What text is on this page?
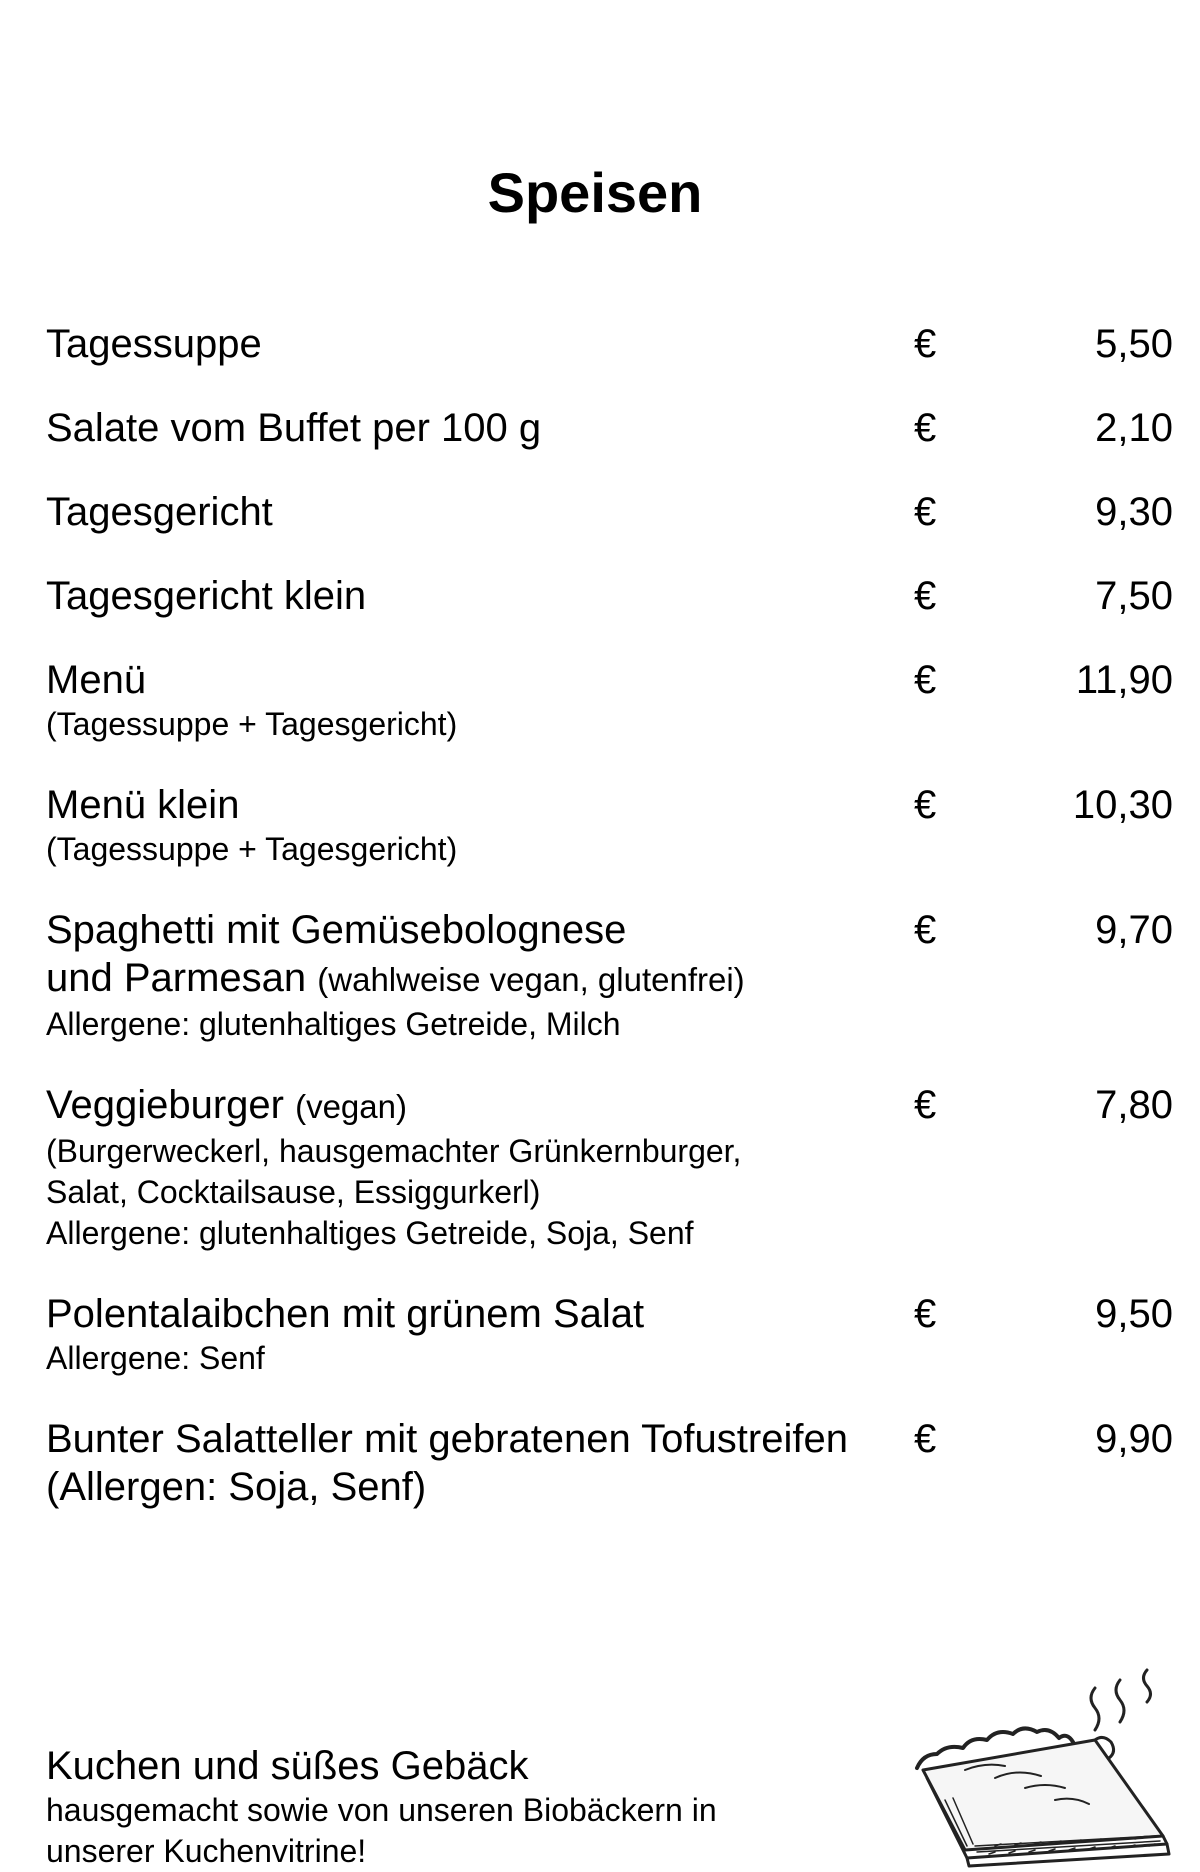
Speisen
Tagessuppe	€	5,50
Salate vom Buffet per 100 g	€	2,10
Tagesgericht	€	9,30
Tagesgericht klein	€	7,50
Menü
(Tagessuppe + Tagesgericht)
€	11,90
Menü klein
(Tagessuppe + Tagesgericht)
€	10,30
Spaghetti mit Gemüsebolognese
und Parmesan (wahlweise vegan, glutenfrei)
Allergene: glutenhaltiges Getreide, Milch
€	9,70
Veggieburger (vegan)
(Burgerweckerl, hausgemachter Grünkernburger,
Salat, Cocktailsause, Essiggurkerl)
Allergene: glutenhaltiges Getreide, Soja, Senf
€	7,80
Polentalaibchen mit grünem Salat
Allergene: Senf
€	9,50
Bunter Salatteller mit gebratenen Tofustreifen
(Allergen: Soja, Senf)
€	9,90
Kuchen und süßes Gebäck
hausgemacht sowie von unseren Biobäckern in
unserer Kuchenvitrine!
